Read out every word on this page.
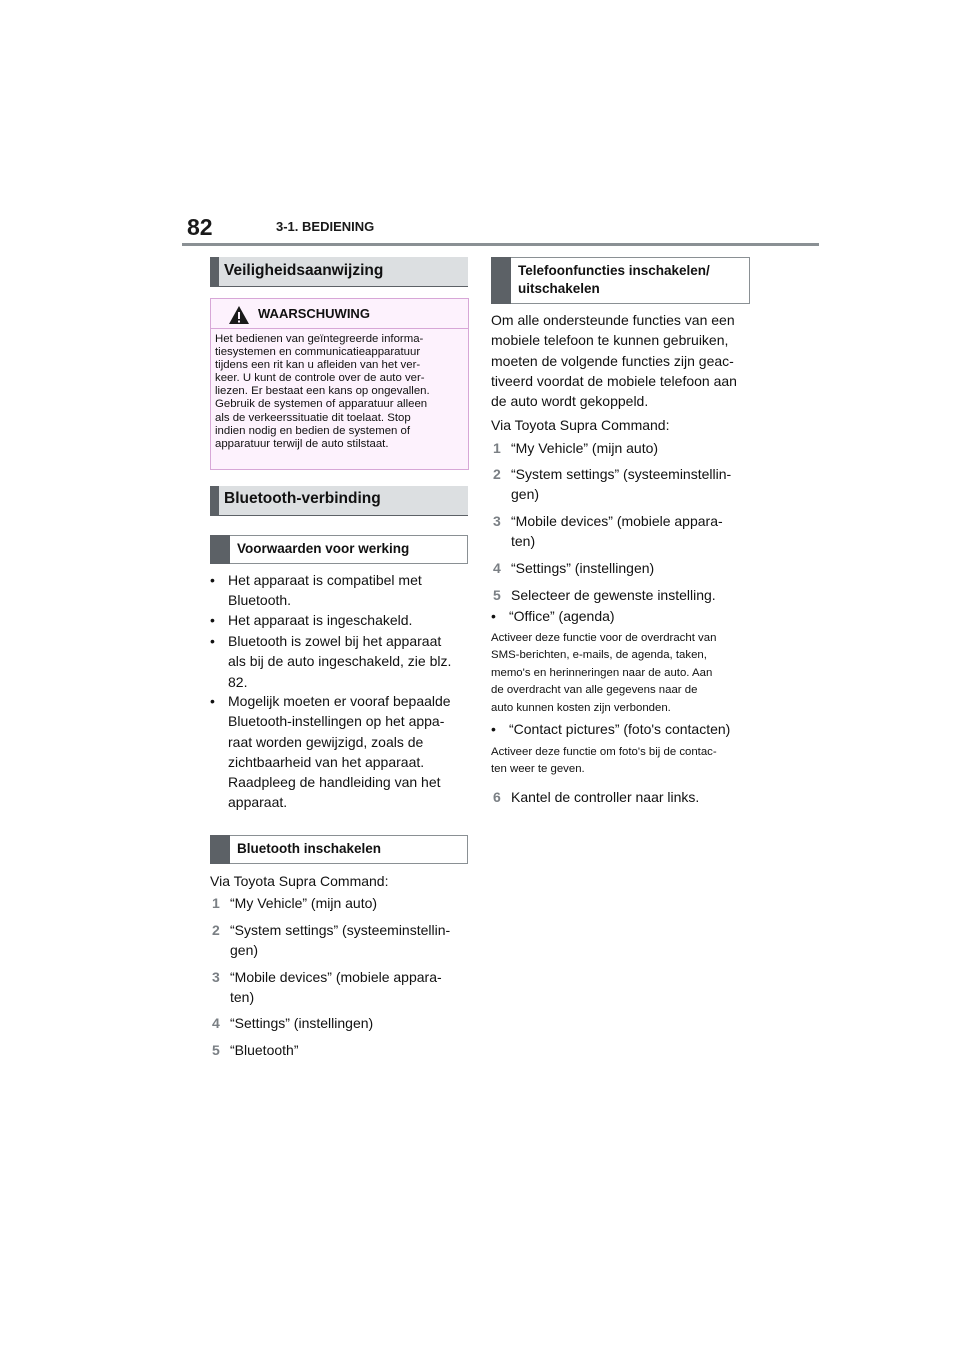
82	3-1. BEDIENING
Veiligheidsaanwijzing
WAARSCHUWING
Het bedienen van geïntegreerde informa-
tiesystemen en communicatieapparatuur
tijdens een rit kan u afleiden van het ver-
keer. U kunt de controle over de auto ver-
liezen. Er bestaat een kans op ongevallen.
Gebruik de systemen of apparatuur alleen
als de verkeerssituatie dit toelaat. Stop
indien nodig en bedien de systemen of
apparatuur terwijl de auto stilstaat.
Bluetooth-verbinding
Voorwaarden voor werking
• Het apparaat is compatibel met
Bluetooth.
• Het apparaat is ingeschakeld.
• Bluetooth is zowel bij het apparaat
als bij de auto ingeschakeld, zie blz.
82.
• Mogelijk moeten er vooraf bepaalde
Bluetooth-instellingen op het appa-
raat worden gewijzigd, zoals de
zichtbaarheid van het apparaat.
Raadpleeg de handleiding van het
apparaat.
Bluetooth inschakelen
Via Toyota Supra Command:
1 “My Vehicle” (mijn auto)
2 “System settings” (systeeminstellin-
gen)
3 “Mobile devices” (mobiele appara-
ten)
4 “Settings” (instellingen)
5 “Bluetooth”
Telefoonfuncties inschakelen/
uitschakelen
Om alle ondersteunde functies van een
mobiele telefoon te kunnen gebruiken,
moeten de volgende functies zijn geac-
tiveerd voordat de mobiele telefoon aan
de auto wordt gekoppeld.
Via Toyota Supra Command:
1 “My Vehicle” (mijn auto)
2 “System settings” (systeeminstellin-
gen)
3 “Mobile devices” (mobiele appara-
ten)
4 “Settings” (instellingen)
5 Selecteer de gewenste instelling.
• “Office” (agenda)
Activeer deze functie voor de overdracht van
SMS-berichten, e-mails, de agenda, taken,
memo's en herinneringen naar de auto. Aan
de overdracht van alle gegevens naar de
auto kunnen kosten zijn verbonden.
• “Contact pictures” (foto's contacten)
Activeer deze functie om foto's bij de contac-
ten weer te geven.
6 Kantel de controller naar links.
